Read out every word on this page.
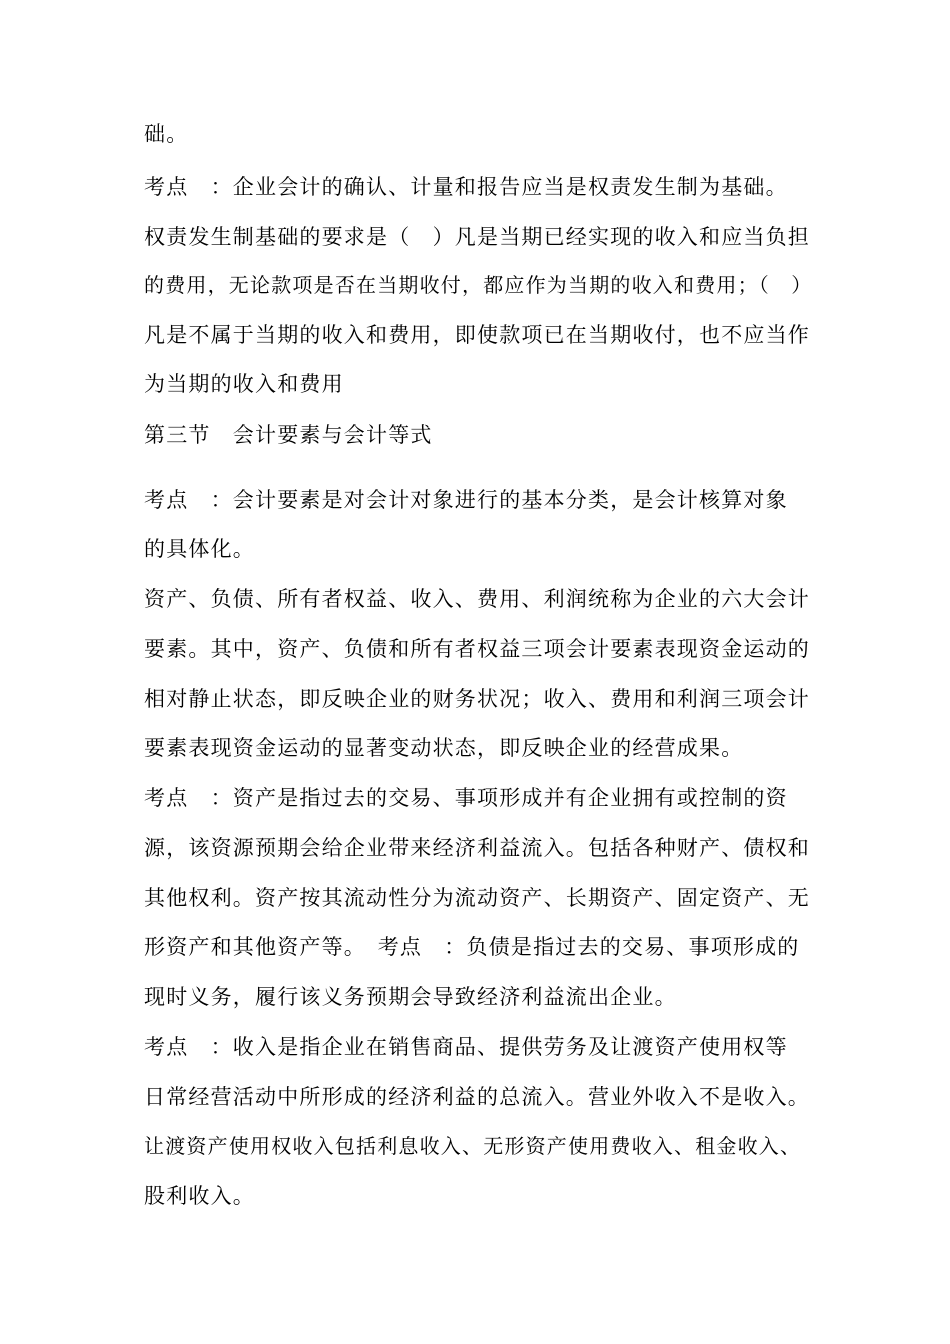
础。
考点　：企业会计的确认、计量和报告应当是权责发生制为基础。
权责发生制基础的要求是（　）凡是当期已经实现的收入和应当负担
的费用，无论款项是否在当期收付，都应作为当期的收入和费用；（　）
凡是不属于当期的收入和费用，即使款项已在当期收付，也不应当作
为当期的收入和费用
第三节　会计要素与会计等式
考点　：会计要素是对会计对象进行的基本分类，是会计核算对象
的具体化。
资产、负债、所有者权益、收入、费用、利润统称为企业的六大会计
要素。其中，资产、负债和所有者权益三项会计要素表现资金运动的
相对静止状态，即反映企业的财务状况；收入、费用和利润三项会计
要素表现资金运动的显著变动状态，即反映企业的经营成果。
考点　：资产是指过去的交易、事项形成并有企业拥有或控制的资
源，该资源预期会给企业带来经济利益流入。包括各种财产、债权和
其他权利。资产按其流动性分为流动资产、长期资产、固定资产、无
形资产和其他资产等。　考点　：负债是指过去的交易、事项形成的
现时义务，履行该义务预期会导致经济利益流出企业。
考点　：收入是指企业在销售商品、提供劳务及让渡资产使用权等
日常经营活动中所形成的经济利益的总流入。营业外收入不是收入。
让渡资产使用权收入包括利息收入、无形资产使用费收入、租金收入、
股利收入。
